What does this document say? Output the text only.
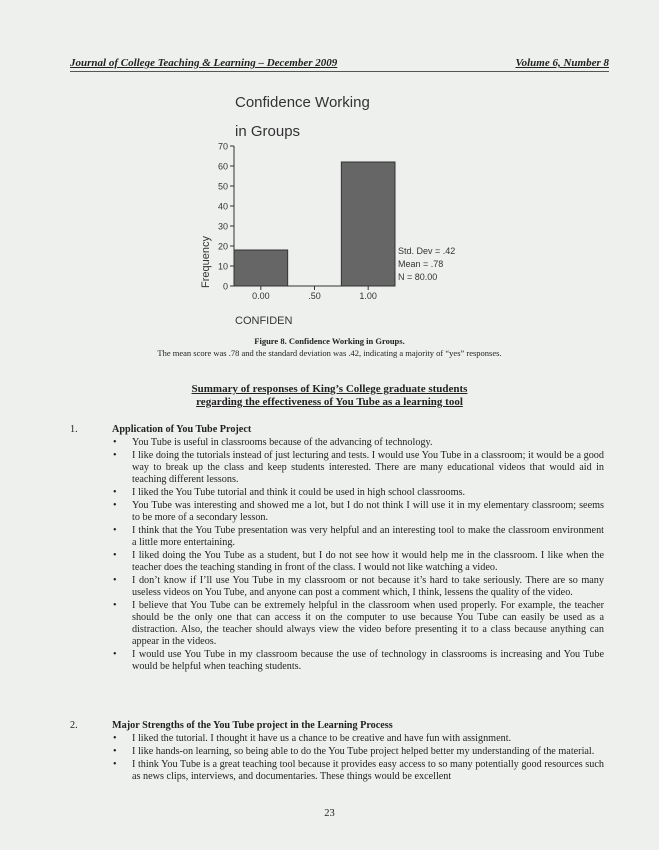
Journal of College Teaching & Learning – December 2009	Volume 6, Number 8
Confidence Working
in Groups
70
60
50
40
30
20
10
0
0.00	.50	1.00
Frequency
CONFIDEN
Std. Dev = .42
Mean = .78
N = 80.00
Figure 8. Confidence Working in Groups.
The mean score was .78 and the standard deviation was .42, indicating a majority of “yes” responses.
Summary of responses of King’s College graduate students
regarding the effectiveness of You Tube as a learning tool
1.	Application of You Tube Project
• You Tube is useful in classrooms because of the advancing of technology.
• I like doing the tutorials instead of just lecturing and tests. I would use You Tube in a classroom; it would be a good way to break up the class and keep students interested. There are many educational videos that would aid in teaching different lessons.
• I liked the You Tube tutorial and think it could be used in high school classrooms.
• You Tube was interesting and showed me a lot, but I do not think I will use it in my elementary classroom; seems to be more of a secondary lesson.
• I think that the You Tube presentation was very helpful and an interesting tool to make the classroom environment a little more entertaining.
• I liked doing the You Tube as a student, but I do not see how it would help me in the classroom. I like when the teacher does the teaching standing in front of the class. I would not like watching a video.
• I don’t know if I’ll use You Tube in my classroom or not because it’s hard to take seriously. There are so many useless videos on You Tube, and anyone can post a comment which, I think, lessens the quality of the video.
• I believe that You Tube can be extremely helpful in the classroom when used properly. For example, the teacher should be the only one that can access it on the computer to use because You Tube can easily be used as a distraction. Also, the teacher should always view the video before presenting it to a class because anything can appear in the videos.
• I would use You Tube in my classroom because the use of technology in classrooms is increasing and You Tube would be helpful when teaching students.
2.	Major Strengths of the You Tube project in the Learning Process
• I liked the tutorial. I thought it have us a chance to be creative and have fun with assignment.
• I like hands-on learning, so being able to do the You Tube project helped better my understanding of the material.
• I think You Tube is a great teaching tool because it provides easy access to so many potentially good resources such as news clips, interviews, and documentaries. These things would be excellent
23
